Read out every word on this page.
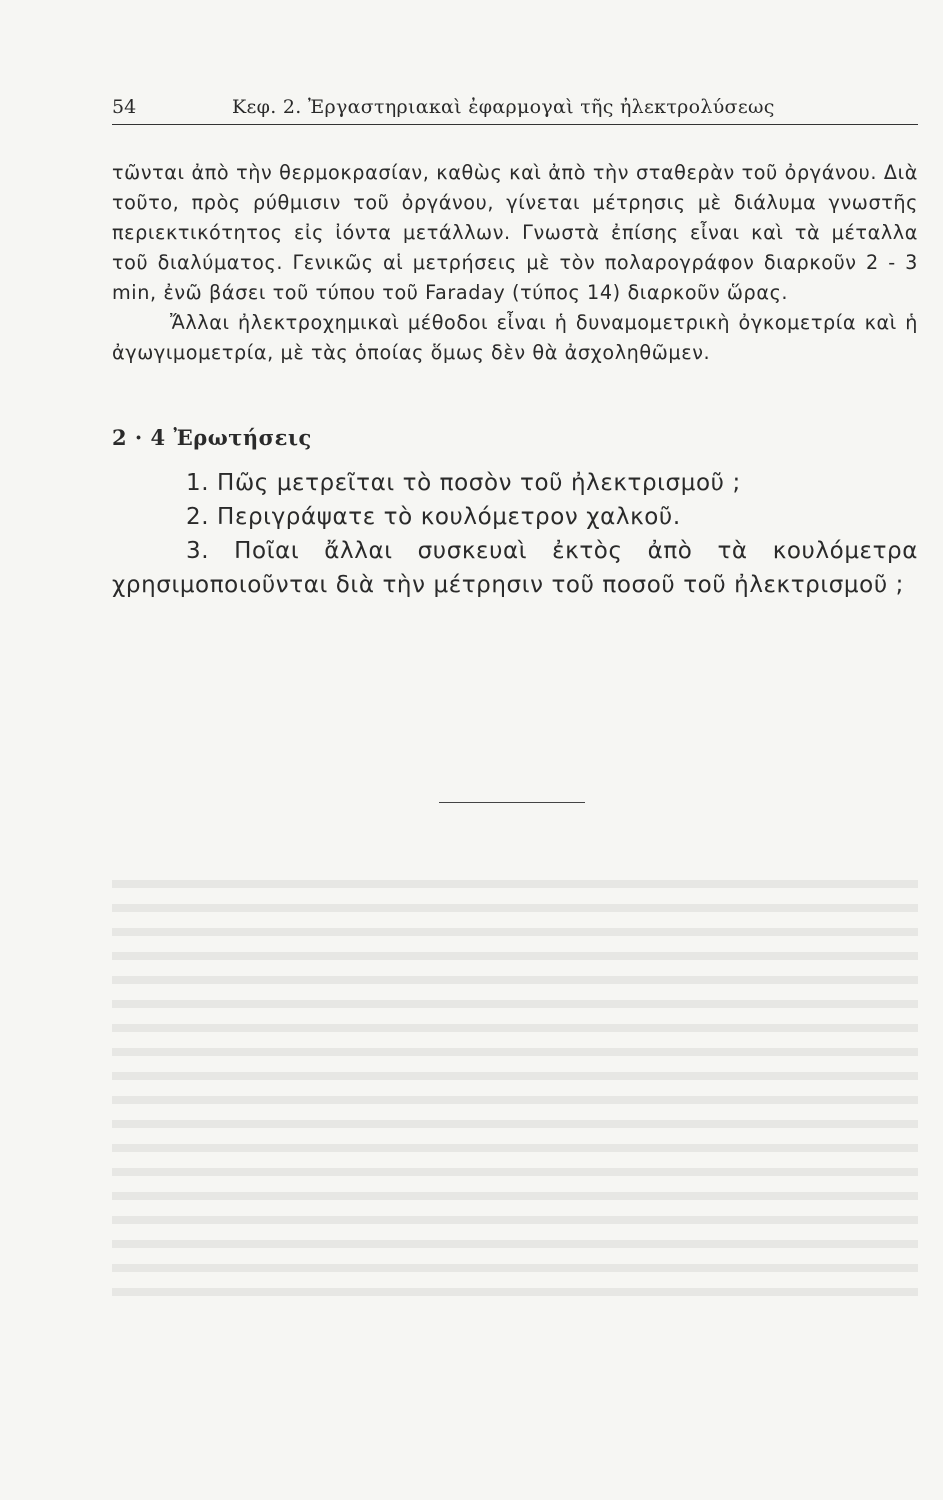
54	Κεφ. 2. Ἐργαστηριακαὶ ἐφαρμογαὶ τῆς ἠλεκτρολύσεως

τῶνται ἀπὸ τὴν θερμοκρασίαν, καθὼς καὶ ἀπὸ τὴν σταθερὰν τοῦ ὀργάνου. Διὰ τοῦτο, πρὸς ρύθμισιν τοῦ ὀργάνου, γίνεται μέτρησις μὲ διάλυμα γνωστῆς περιεκτικότητος εἰς ἰόντα μετάλλων. Γνωστὰ ἐπίσης εἶναι καὶ τὰ μέταλλα τοῦ διαλύματος. Γενικῶς αἱ μετρήσεις μὲ τὸν πολαρογράφον διαρκοῦν 2 - 3 min, ἐνῶ βάσει τοῦ τύπου τοῦ Faraday (τύπος 14) διαρκοῦν ὥρας.

Ἄλλαι ἠλεκτροχημικαὶ μέθοδοι εἶναι ἡ δυναμομετρικὴ ὀγκομετρία καὶ ἡ ἀγωγιμομετρία, μὲ τὰς ὁποίας ὅμως δὲν θὰ ἀσχοληθῶμεν.

2 · 4 Ἐρωτήσεις
1. Πῶς μετρεῖται τὸ ποσὸν τοῦ ἠλεκτρισμοῦ ;
2. Περιγράψατε τὸ κουλόμετρον χαλκοῦ.
3. Ποῖαι ἄλλαι συσκευαὶ ἐκτὸς ἀπὸ τὰ κουλόμετρα χρησιμοποιοῦνται διὰ τὴν μέτρησιν τοῦ ποσοῦ τοῦ ἠλεκτρισμοῦ ;
